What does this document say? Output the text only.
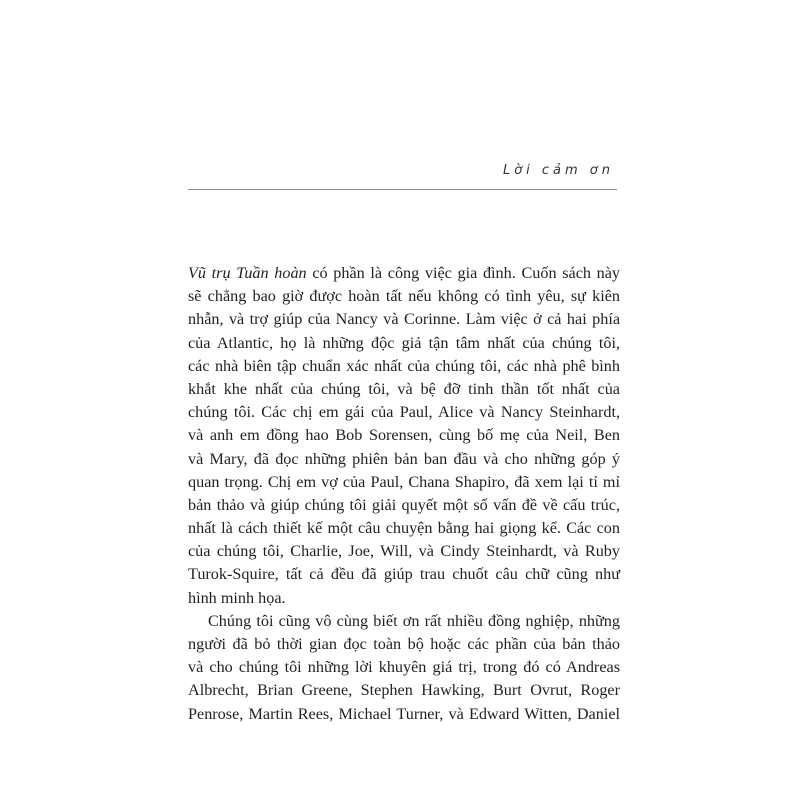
Lời cảm ơn
Vũ trụ Tuần hoàn có phần là công việc gia đình. Cuốn sách này
sẽ chẳng bao giờ được hoàn tất nếu không có tình yêu, sự kiên
nhẫn, và trợ giúp của Nancy và Corinne. Làm việc ở cả hai phía
của Atlantic, họ là những độc giả tận tâm nhất của chúng tôi,
các nhà biên tập chuẩn xác nhất của chúng tôi, các nhà phê bình
khắt khe nhất của chúng tôi, và bệ đỡ tinh thần tốt nhất của
chúng tôi. Các chị em gái của Paul, Alice và Nancy Steinhardt,
và anh em đồng hao Bob Sorensen, cùng bố mẹ của Neil, Ben
và Mary, đã đọc những phiên bản ban đầu và cho những góp ý
quan trọng. Chị em vợ của Paul, Chana Shapiro, đã xem lại tỉ mỉ
bản thảo và giúp chúng tôi giải quyết một số vấn đề về cấu trúc,
nhất là cách thiết kế một câu chuyện bằng hai giọng kể. Các con
của chúng tôi, Charlie, Joe, Will, và Cindy Steinhardt, và Ruby
Turok-Squire, tất cả đều đã giúp trau chuốt câu chữ cũng như
hình minh họa.
Chúng tôi cũng vô cùng biết ơn rất nhiều đồng nghiệp, những
người đã bỏ thời gian đọc toàn bộ hoặc các phần của bản thảo
và cho chúng tôi những lời khuyên giá trị, trong đó có Andreas
Albrecht, Brian Greene, Stephen Hawking, Burt Ovrut, Roger
Penrose, Martin Rees, Michael Turner, và Edward Witten, Daniel
